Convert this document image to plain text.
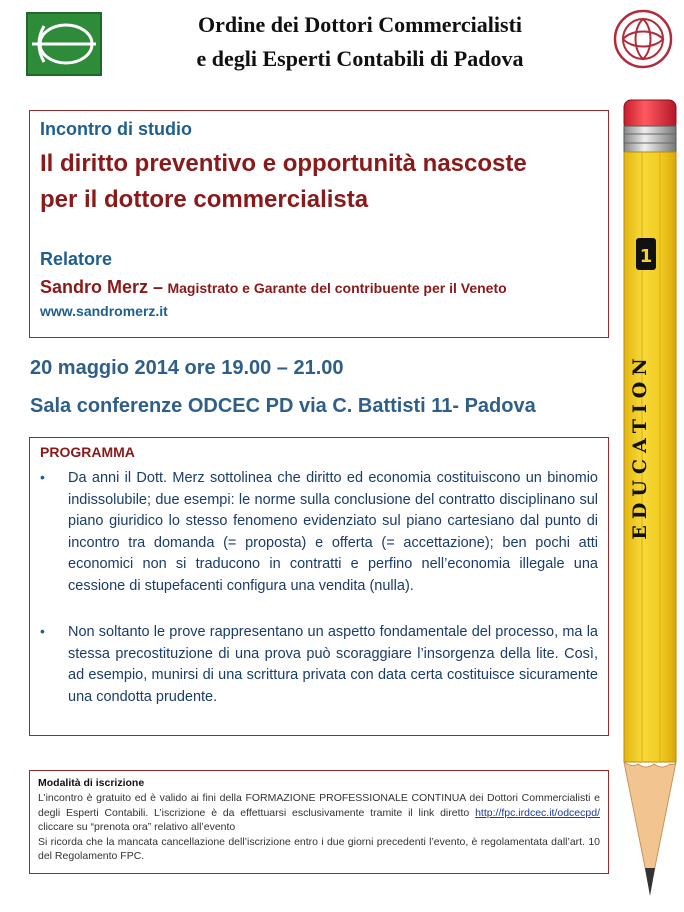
Ordine dei Dottori Commercialisti
e degli Esperti Contabili di Padova
Incontro di studio
Il diritto preventivo e opportunità nascoste
per il dottore commercialista
Relatore
Sandro Merz – Magistrato e Garante del contribuente per il Veneto
www.sandromerz.it
20 maggio 2014 ore 19.00 – 21.00
Sala conferenze ODCEC PD via C. Battisti 11- Padova
PROGRAMMA
• Da anni il Dott. Merz sottolinea che diritto ed economia costituiscono un binomio indissolubile; due esempi: le norme sulla conclusione del contratto disciplinano sul piano giuridico lo stesso fenomeno evidenziato sul piano cartesiano dal punto di incontro tra domanda (= proposta) e offerta (= accettazione); ben pochi atti economici non si traducono in contratti e perfino nell’economia illegale una cessione di stupefacenti configura una vendita (nulla).
• Non soltanto le prove rappresentano un aspetto fondamentale del processo, ma la stessa precostituzione di una prova può scoraggiare l’insorgenza della lite. Così, ad esempio, munirsi di una scrittura privata con data certa costituisce sicuramente una condotta prudente.
Modalità di iscrizione
L’incontro è gratuito ed è valido ai fini della FORMAZIONE PROFESSIONALE CONTINUA dei Dottori Commercialisti e degli Esperti Contabili. L’iscrizione è da effettuarsi esclusivamente tramite il link diretto http://fpc.irdcec.it/odcecpd/ cliccare su “prenota ora” relativo all’evento
Si ricorda che la mancata cancellazione dell’iscrizione entro i due giorni precedenti l’evento, è regolamentata dall’art. 10 del Regolamento FPC.
1
EDUCATION
